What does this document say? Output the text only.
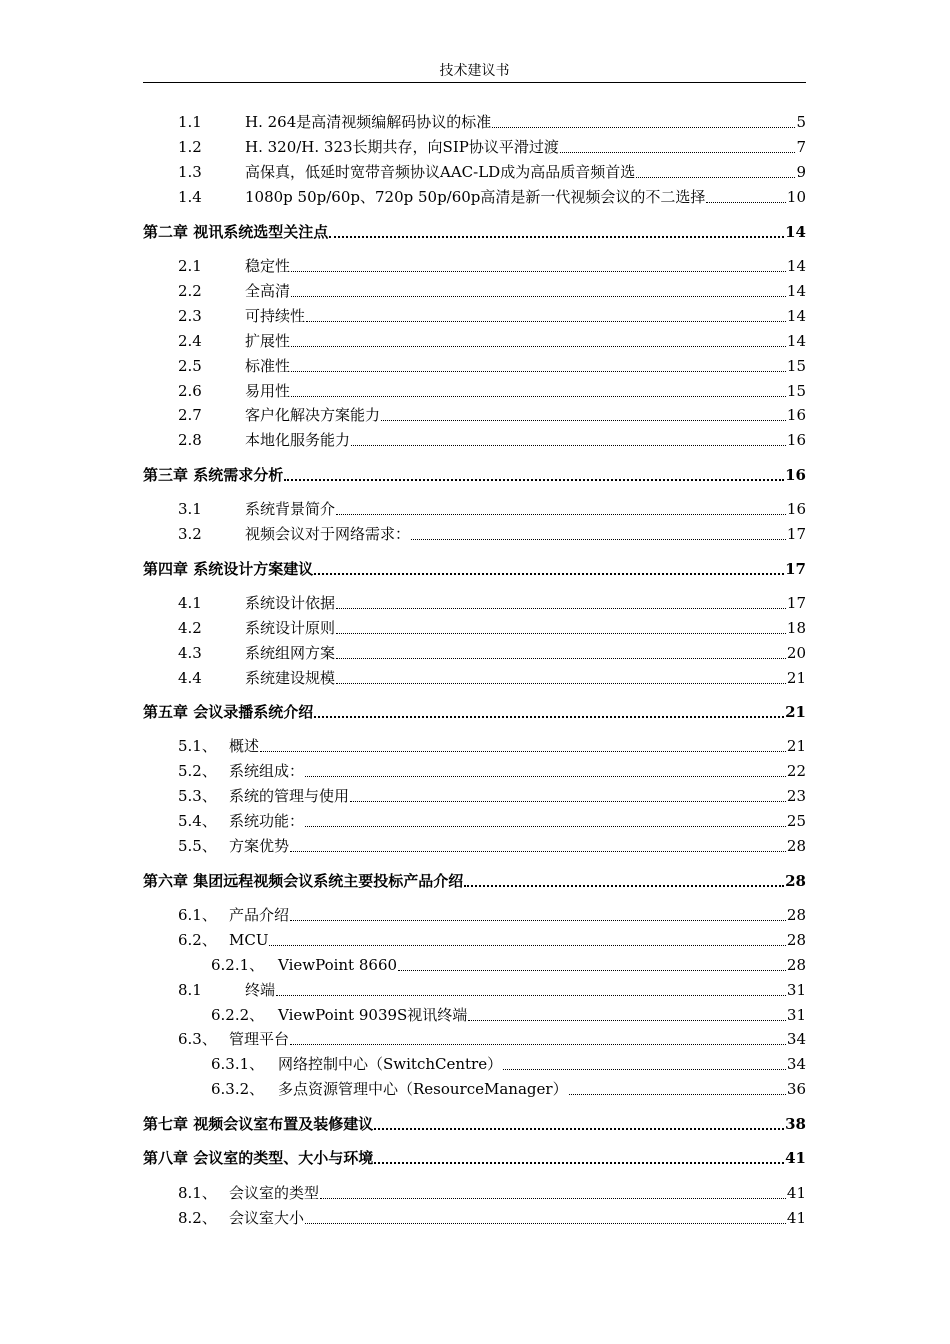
技术建议书
1.1	H. 264是高清视频编解码协议的标准	5
1.2	H. 320/H. 323长期共存，向SIP协议平滑过渡	7
1.3	高保真，低延时宽带音频协议AAC-LD成为高品质音频首选	9
1.4	1080p 50p/60p、720p 50p/60p高清是新一代视频会议的不二选择	10
第二章 视讯系统选型关注点	14
2.1	稳定性	14
2.2	全高清	14
2.3	可持续性	14
2.4	扩展性	14
2.5	标准性	15
2.6	易用性	15
2.7	客户化解决方案能力	16
2.8	本地化服务能力	16
第三章 系统需求分析	16
3.1	系统背景简介	16
3.2	视频会议对于网络需求：	17
第四章 系统设计方案建议	17
4.1	系统设计依据	17
4.2	系统设计原则	18
4.3	系统组网方案	20
4.4	系统建设规模	21
第五章 会议录播系统介绍	21
5.1、 概述	21
5.2、 系统组成：	22
5.3、 系统的管理与使用	23
5.4、 系统功能：	25
5.5、 方案优势	28
第六章 集团远程视频会议系统主要投标产品介绍	28
6.1、 产品介绍	28
6.2、 MCU	28
6.2.1、 ViewPoint 8660	28
8.1	终端	31
6.2.2、 ViewPoint 9039S视讯终端	31
6.3、 管理平台	34
6.3.1、 网络控制中心（SwitchCentre）	34
6.3.2、 多点资源管理中心（ResourceManager）	36
第七章 视频会议室布置及装修建议	38
第八章 会议室的类型、大小与环境	41
8.1、 会议室的类型	41
8.2、 会议室大小	41
